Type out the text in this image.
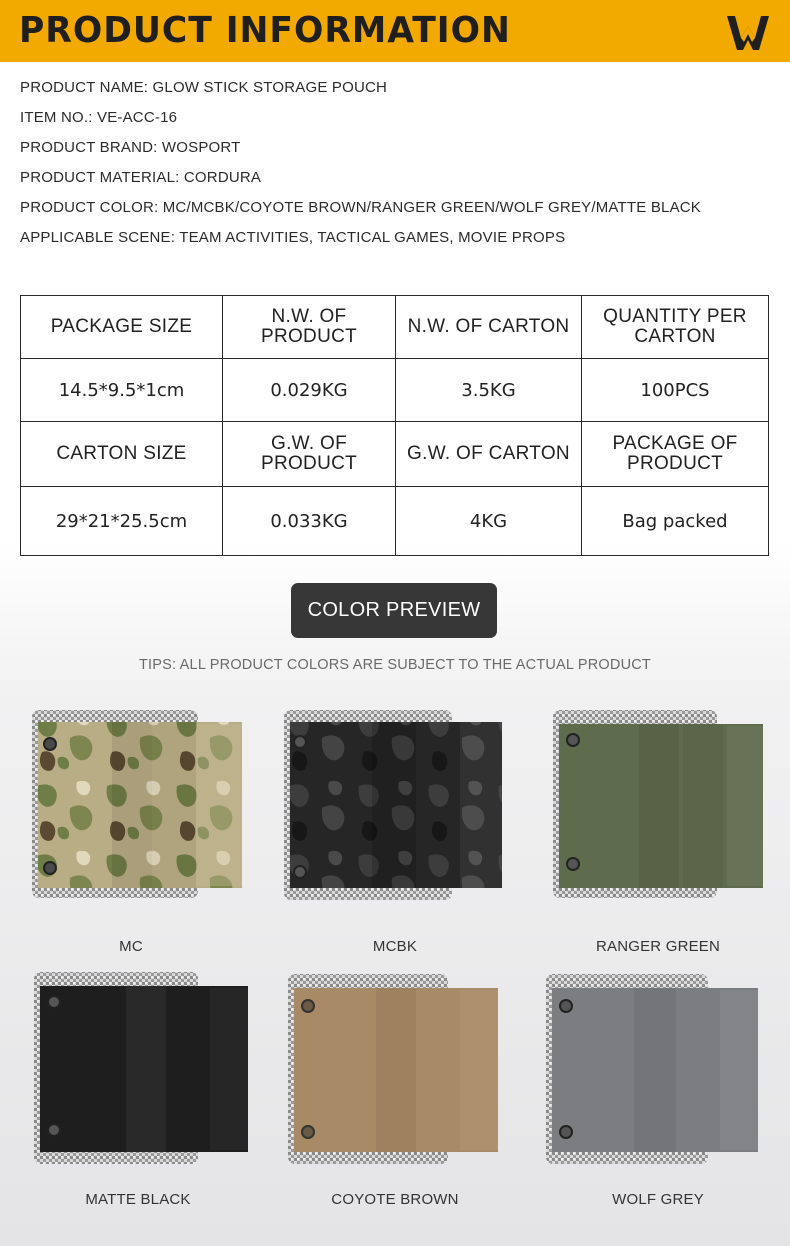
PRODUCT INFORMATION
PRODUCT NAME: GLOW STICK STORAGE POUCH
ITEM NO.: VE-ACC-16
PRODUCT BRAND: WOSPORT
PRODUCT MATERIAL: CORDURA
PRODUCT COLOR: MC/MCBK/COYOTE BROWN/RANGER GREEN/WOLF GREY/MATTE BLACK
APPLICABLE SCENE: TEAM ACTIVITIES, TACTICAL GAMES, MOVIE PROPS
PACKAGE SIZE	N.W. OF PRODUCT	N.W. OF CARTON	QUANTITY PER CARTON
14.5*9.5*1cm	0.029KG	3.5KG	100PCS
CARTON SIZE	G.W. OF PRODUCT	G.W. OF CARTON	PACKAGE OF PRODUCT
29*21*25.5cm	0.033KG	4KG	Bag packed
COLOR PREVIEW
TIPS: ALL PRODUCT COLORS ARE SUBJECT TO THE ACTUAL PRODUCT
MC	MCBK	RANGER GREEN
MATTE BLACK	COYOTE BROWN	WOLF GREY
